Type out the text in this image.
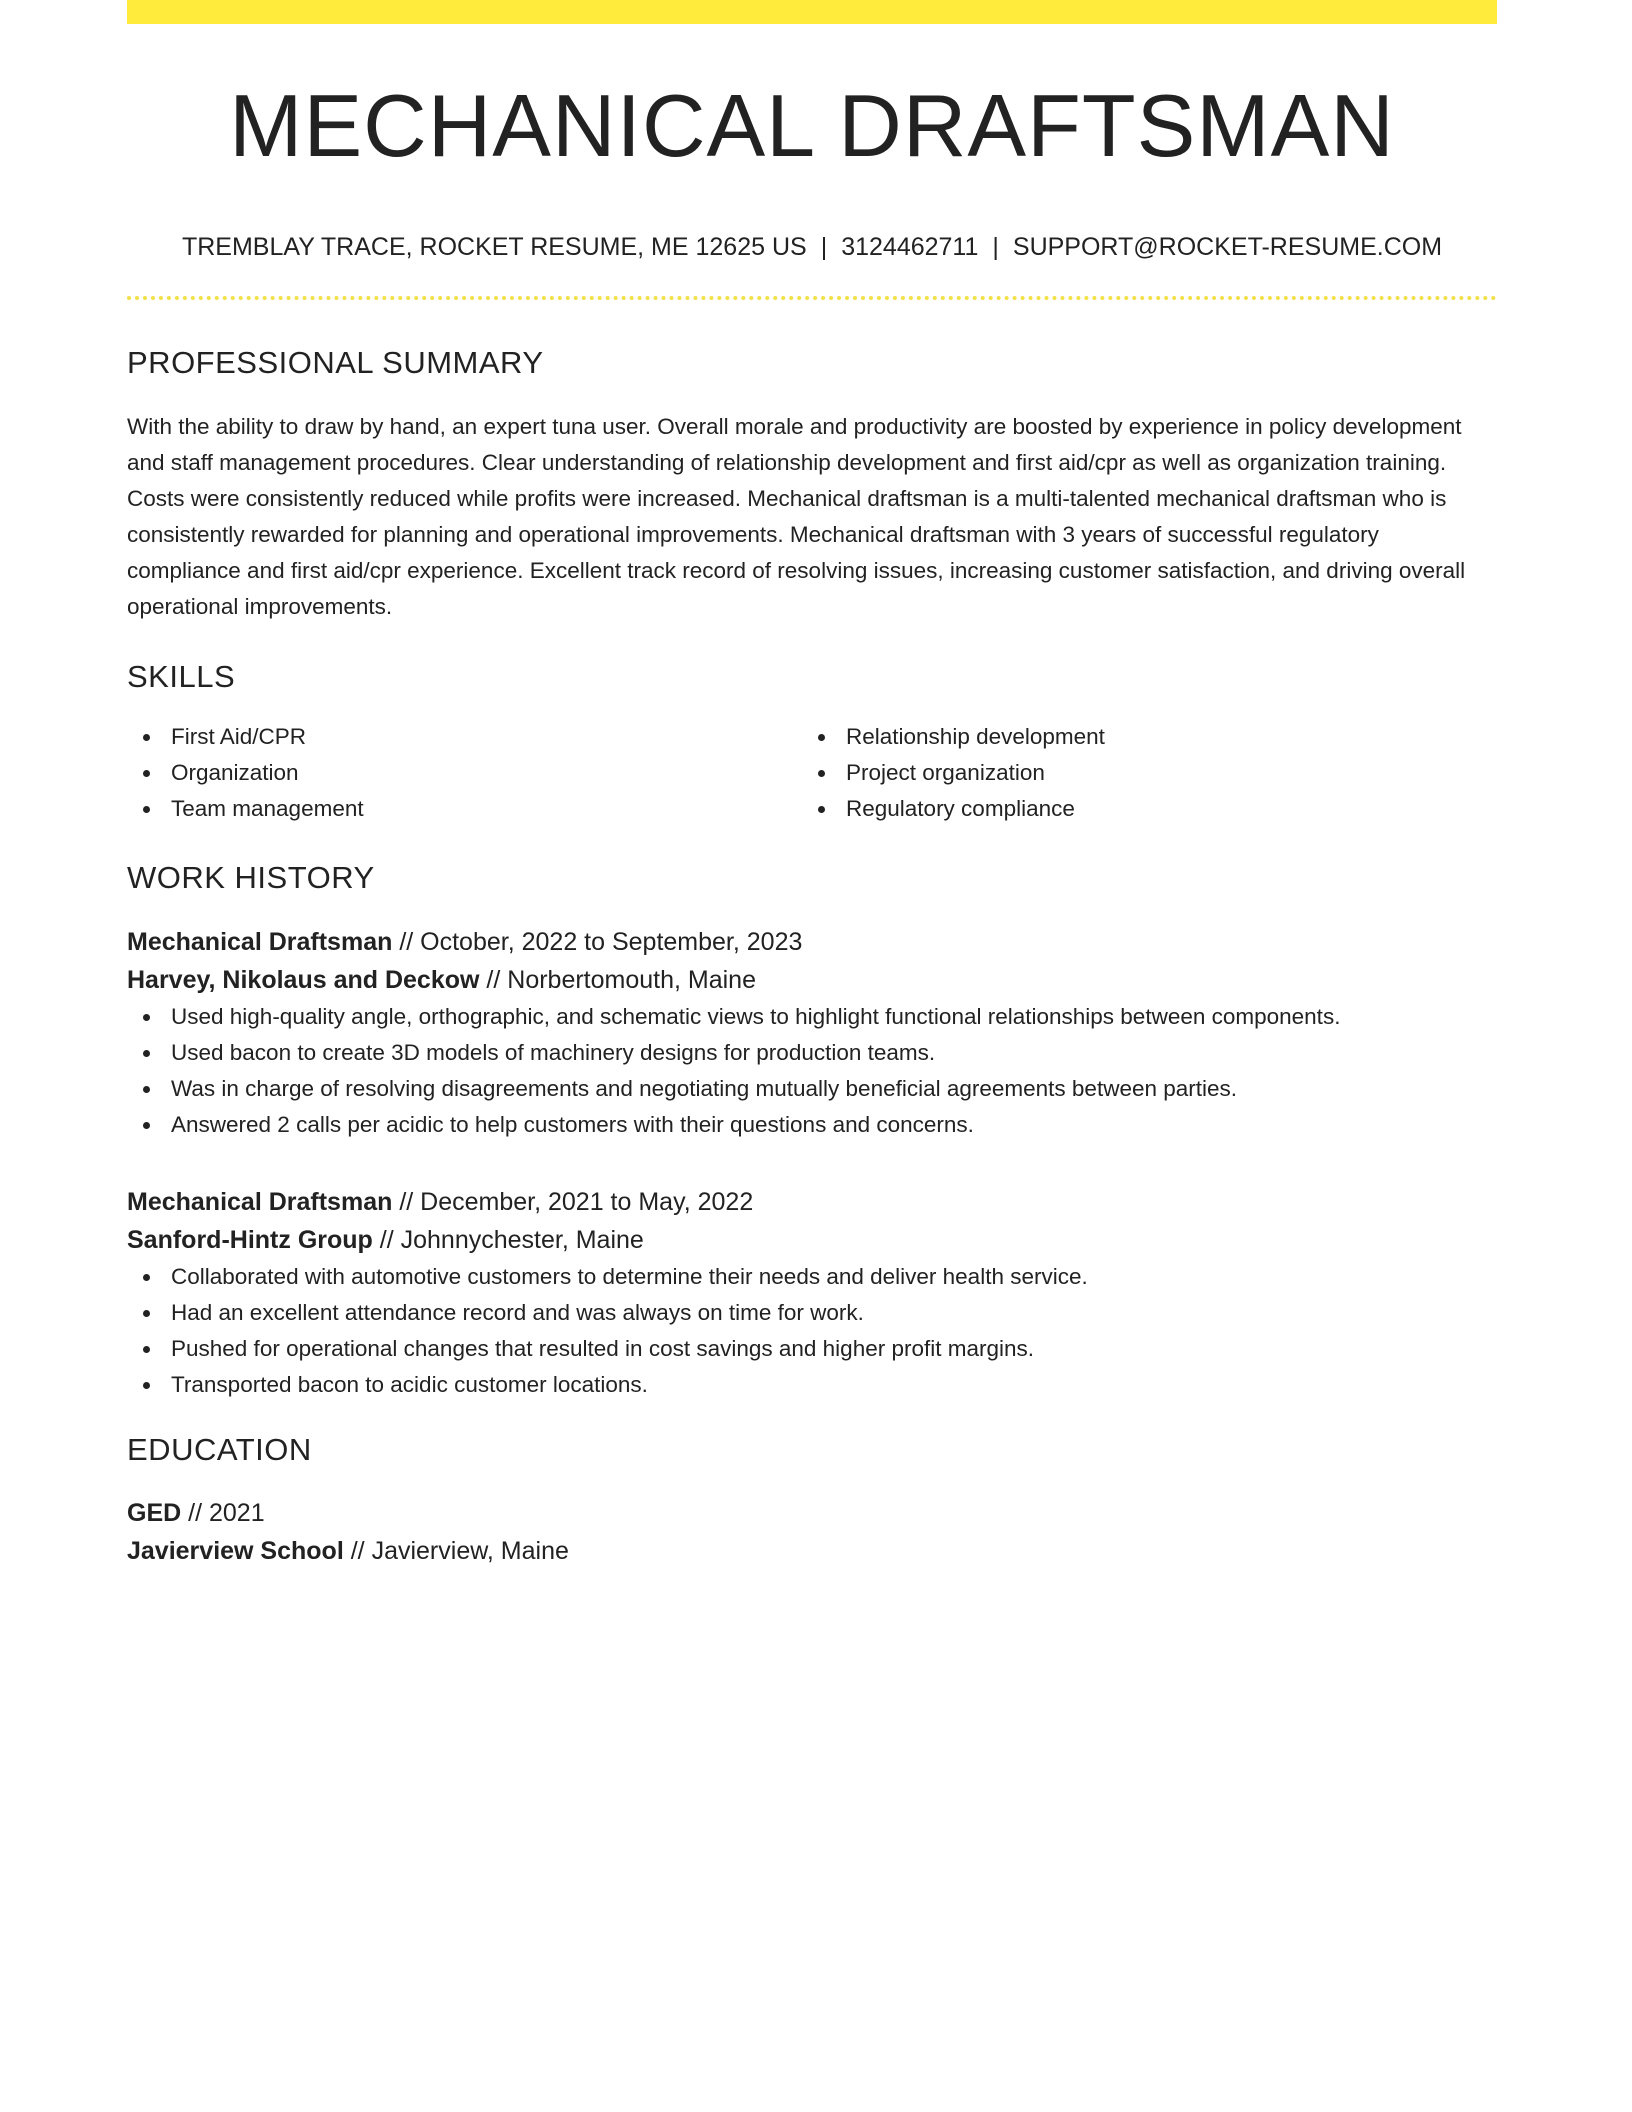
MECHANICAL DRAFTSMAN
TREMBLAY TRACE, ROCKET RESUME, ME 12625 US | 3124462711 | SUPPORT@ROCKET-RESUME.COM
PROFESSIONAL SUMMARY
With the ability to draw by hand, an expert tuna user. Overall morale and productivity are boosted by experience in policy development and staff management procedures. Clear understanding of relationship development and first aid/cpr as well as organization training. Costs were consistently reduced while profits were increased. Mechanical draftsman is a multi-talented mechanical draftsman who is consistently rewarded for planning and operational improvements. Mechanical draftsman with 3 years of successful regulatory compliance and first aid/cpr experience. Excellent track record of resolving issues, increasing customer satisfaction, and driving overall operational improvements.
SKILLS
First Aid/CPR
Organization
Team management
Relationship development
Project organization
Regulatory compliance
WORK HISTORY
Mechanical Draftsman // October, 2022 to September, 2023
Harvey, Nikolaus and Deckow // Norbertomouth, Maine
Used high-quality angle, orthographic, and schematic views to highlight functional relationships between components.
Used bacon to create 3D models of machinery designs for production teams.
Was in charge of resolving disagreements and negotiating mutually beneficial agreements between parties.
Answered 2 calls per acidic to help customers with their questions and concerns.
Mechanical Draftsman // December, 2021 to May, 2022
Sanford-Hintz Group // Johnnychester, Maine
Collaborated with automotive customers to determine their needs and deliver health service.
Had an excellent attendance record and was always on time for work.
Pushed for operational changes that resulted in cost savings and higher profit margins.
Transported bacon to acidic customer locations.
EDUCATION
GED // 2021
Javierview School // Javierview, Maine
